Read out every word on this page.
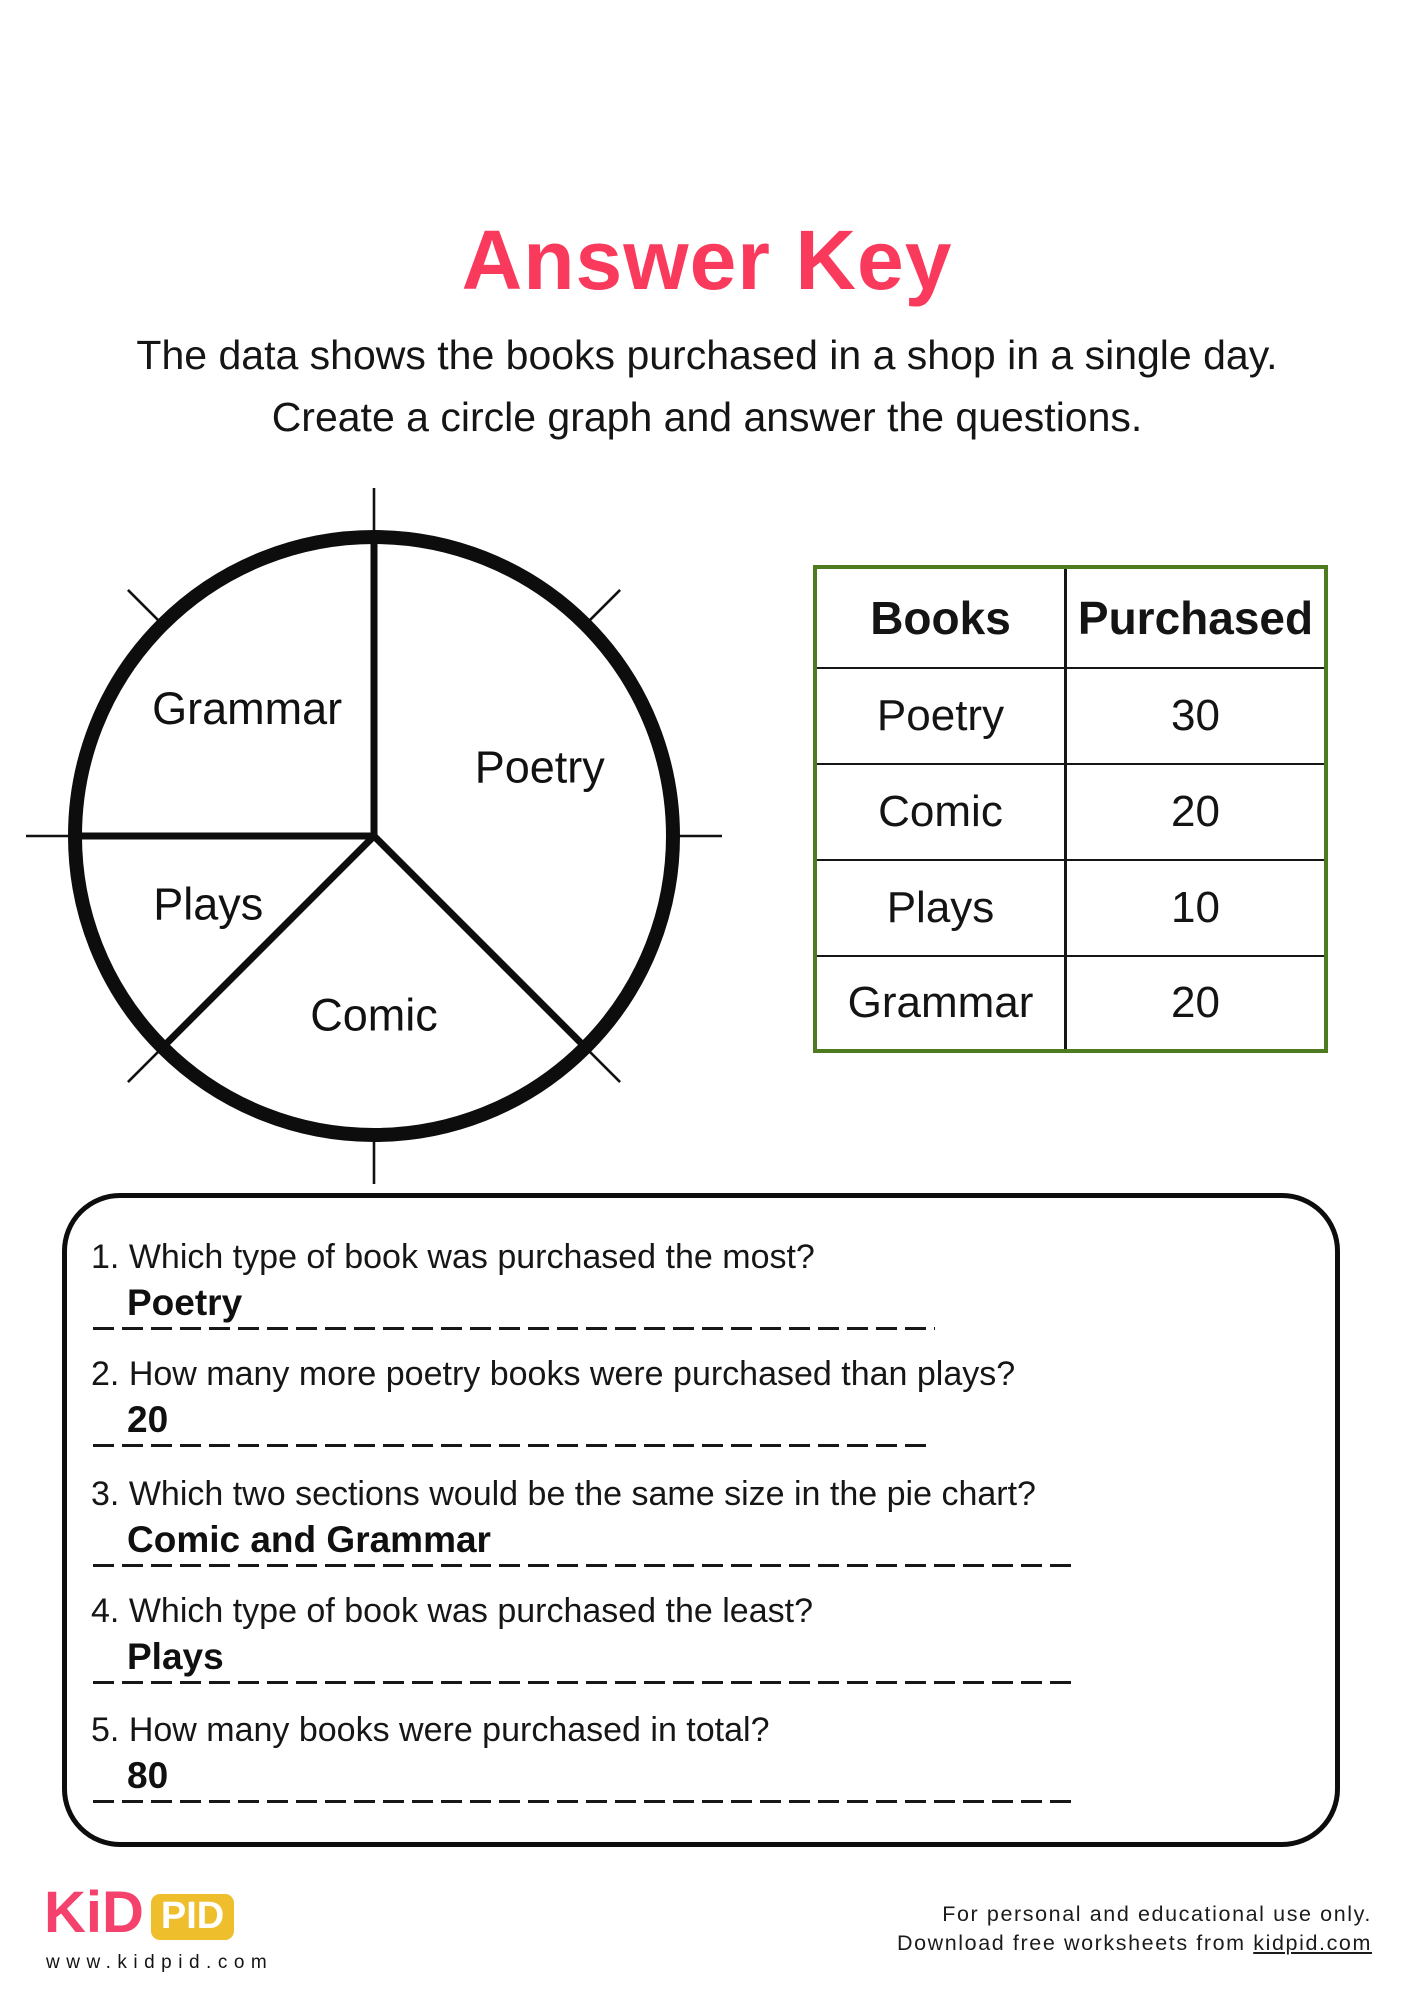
Answer Key
The data shows the books purchased in a shop in a single day.
Create a circle graph and answer the questions.
Poetry
Comic
Plays
Grammar
Books	Purchased
Poetry	30
Comic	20
Plays	10
Grammar	20
1. Which type of book was purchased the most?
Poetry
2. How many more poetry books were purchased than plays?
20
3. Which two sections would be the same size in the pie chart?
Comic and Grammar
4. Which type of book was purchased the least?
Plays
5. How many books were purchased in total?
80
KiD PID
www.kidpid.com
For personal and educational use only.
Download free worksheets from kidpid.com
